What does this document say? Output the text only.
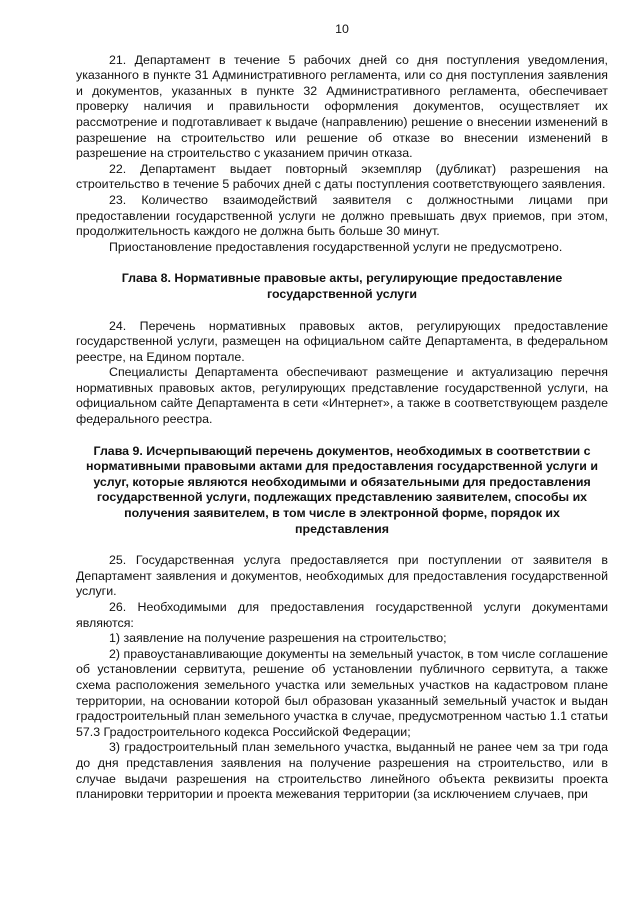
10

21. Департамент в течение 5 рабочих дней со дня поступления уведомления, указанного в пункте 31 Административного регламента, или со дня поступления заявления и документов, указанных в пункте 32 Административного регламента, обеспечивает проверку наличия и правильности оформления документов, осуществляет их рассмотрение и подготавливает к выдаче (направлению) решение о внесении изменений в разрешение на строительство или решение об отказе во внесении изменений в разрешение на строительство с указанием причин отказа.

22. Департамент выдает повторный экземпляр (дубликат) разрешения на строительство в течение 5 рабочих дней с даты поступления соответствующего заявления.

23. Количество взаимодействий заявителя с должностными лицами при предоставлении государственной услуги не должно превышать двух приемов, при этом, продолжительность каждого не должна быть больше 30 минут.

Приостановление предоставления государственной услуги не предусмотрено.

Глава 8. Нормативные правовые акты, регулирующие предоставление государственной услуги

24. Перечень нормативных правовых актов, регулирующих предоставление государственной услуги, размещен на официальном сайте Департамента, в федеральном реестре, на Едином портале.

Специалисты Департамента обеспечивают размещение и актуализацию перечня нормативных правовых актов, регулирующих представление государственной услуги, на официальном сайте Департамента в сети «Интернет», а также в соответствующем разделе федерального реестра.

Глава 9. Исчерпывающий перечень документов, необходимых в соответствии с нормативными правовыми актами для предоставления государственной услуги и услуг, которые являются необходимыми и обязательными для предоставления государственной услуги, подлежащих представлению заявителем, способы их получения заявителем, в том числе в электронной форме, порядок их представления

25. Государственная услуга предоставляется при поступлении от заявителя в Департамент заявления и документов, необходимых для предоставления государственной услуги.

26. Необходимыми для предоставления государственной услуги документами являются:

1) заявление на получение разрешения на строительство;

2) правоустанавливающие документы на земельный участок, в том числе соглашение об установлении сервитута, решение об установлении публичного сервитута, а также схема расположения земельного участка или земельных участков на кадастровом плане территории, на основании которой был образован указанный земельный участок и выдан градостроительный план земельного участка в случае, предусмотренном частью 1.1 статьи 57.3 Градостроительного кодекса Российской Федерации;

3) градостроительный план земельного участка, выданный не ранее чем за три года до дня представления заявления на получение разрешения на строительство, или в случае выдачи разрешения на строительство линейного объекта реквизиты проекта планировки территории и проекта межевания территории (за исключением случаев, при
